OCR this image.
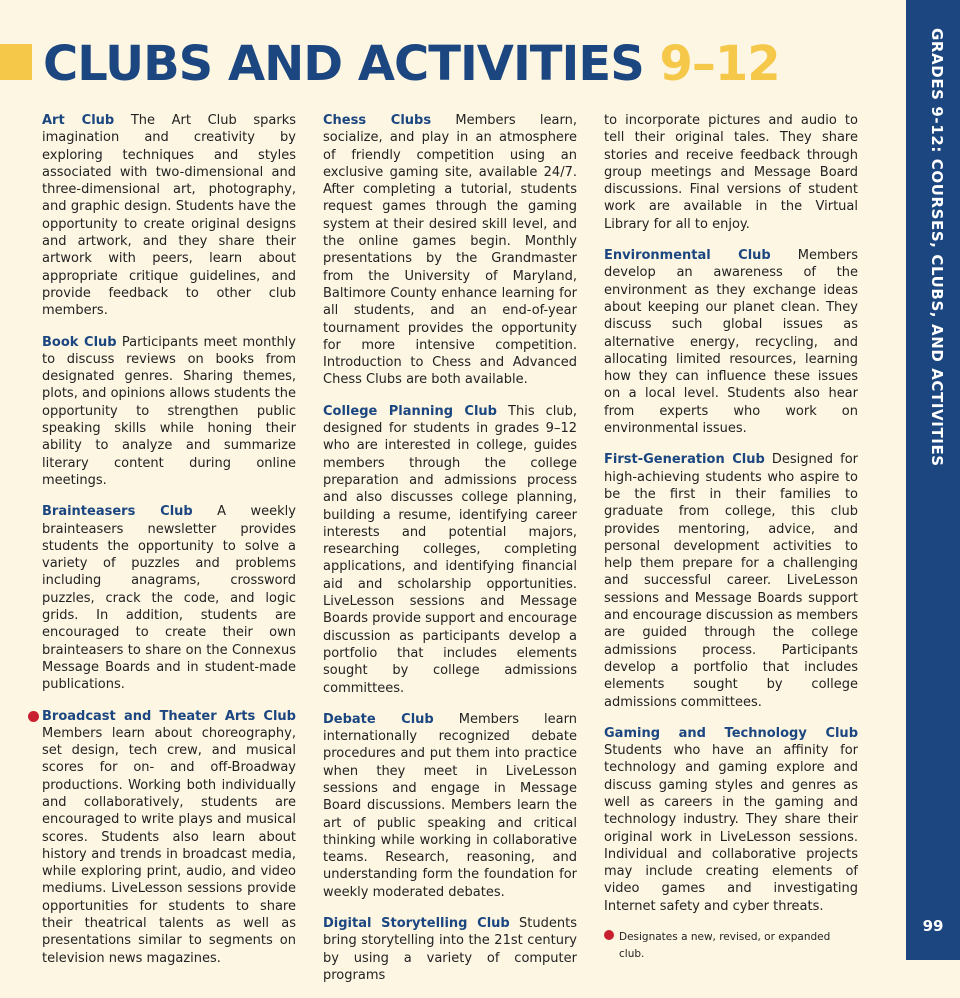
CLUBS AND ACTIVITIES 9–12	GRADES 9-12: COURSES, CLUBS, AND ACTIVITIES
99

Art Club The Art Club sparks imagination and creativity by exploring techniques and styles associated with two-dimensional and three-dimensional art, photography, and graphic design. Students have the opportunity to create original designs and artwork, and they share their artwork with peers, learn about appropriate critique guidelines, and provide feedback to other club members.

Book Club Participants meet monthly to discuss reviews on books from designated genres. Sharing themes, plots, and opinions allows students the opportunity to strengthen public speaking skills while honing their ability to analyze and summarize literary content during online meetings.

Brainteasers Club A weekly brainteasers newsletter provides students the opportunity to solve a variety of puzzles and problems including anagrams, crossword puzzles, crack the code, and logic grids. In addition, students are encouraged to create their own brainteasers to share on the Connexus Message Boards and in student-made publications.

Broadcast and Theater Arts Club Members learn about choreography, set design, tech crew, and musical scores for on- and off-Broadway productions. Working both individually and collaboratively, students are encouraged to write plays and musical scores. Students also learn about history and trends in broadcast media, while exploring print, audio, and video mediums. LiveLesson sessions provide opportunities for students to share their theatrical talents as well as presentations similar to segments on television news magazines.

Chess Clubs Members learn, socialize, and play in an atmosphere of friendly competition using an exclusive gaming site, available 24/7. After completing a tutorial, students request games through the gaming system at their desired skill level, and the online games begin. Monthly presentations by the Grandmaster from the University of Maryland, Baltimore County enhance learning for all students, and an end-of-year tournament provides the opportunity for more intensive competition. Introduction to Chess and Advanced Chess Clubs are both available.

College Planning Club This club, designed for students in grades 9–12 who are interested in college, guides members through the college preparation and admissions process and also discusses college planning, building a resume, identifying career interests and potential majors, researching colleges, completing applications, and identifying financial aid and scholarship opportunities. LiveLesson sessions and Message Boards provide support and encourage discussion as participants develop a portfolio that includes elements sought by college admissions committees.

Debate Club Members learn internationally recognized debate procedures and put them into practice when they meet in LiveLesson sessions and engage in Message Board discussions. Members learn the art of public speaking and critical thinking while working in collaborative teams. Research, reasoning, and understanding form the foundation for weekly moderated debates.

Digital Storytelling Club Students bring storytelling into the 21st century by using a variety of computer programs

to incorporate pictures and audio to tell their original tales. They share stories and receive feedback through group meetings and Message Board discussions. Final versions of student work are available in the Virtual Library for all to enjoy.

Environmental Club Members develop an awareness of the environment as they exchange ideas about keeping our planet clean. They discuss such global issues as alternative energy, recycling, and allocating limited resources, learning how they can influence these issues on a local level. Students also hear from experts who work on environmental issues.

First-Generation Club Designed for high-achieving students who aspire to be the first in their families to graduate from college, this club provides mentoring, advice, and personal development activities to help them prepare for a challenging and successful career. LiveLesson sessions and Message Boards support and encourage discussion as members are guided through the college admissions process. Participants develop a portfolio that includes elements sought by college admissions committees.

Gaming and Technology Club Students who have an affinity for technology and gaming explore and discuss gaming styles and genres as well as careers in the gaming and technology industry. They share their original work in LiveLesson sessions. Individual and collaborative projects may include creating elements of video games and investigating Internet safety and cyber threats.

Designates a new, revised, or expanded club.
